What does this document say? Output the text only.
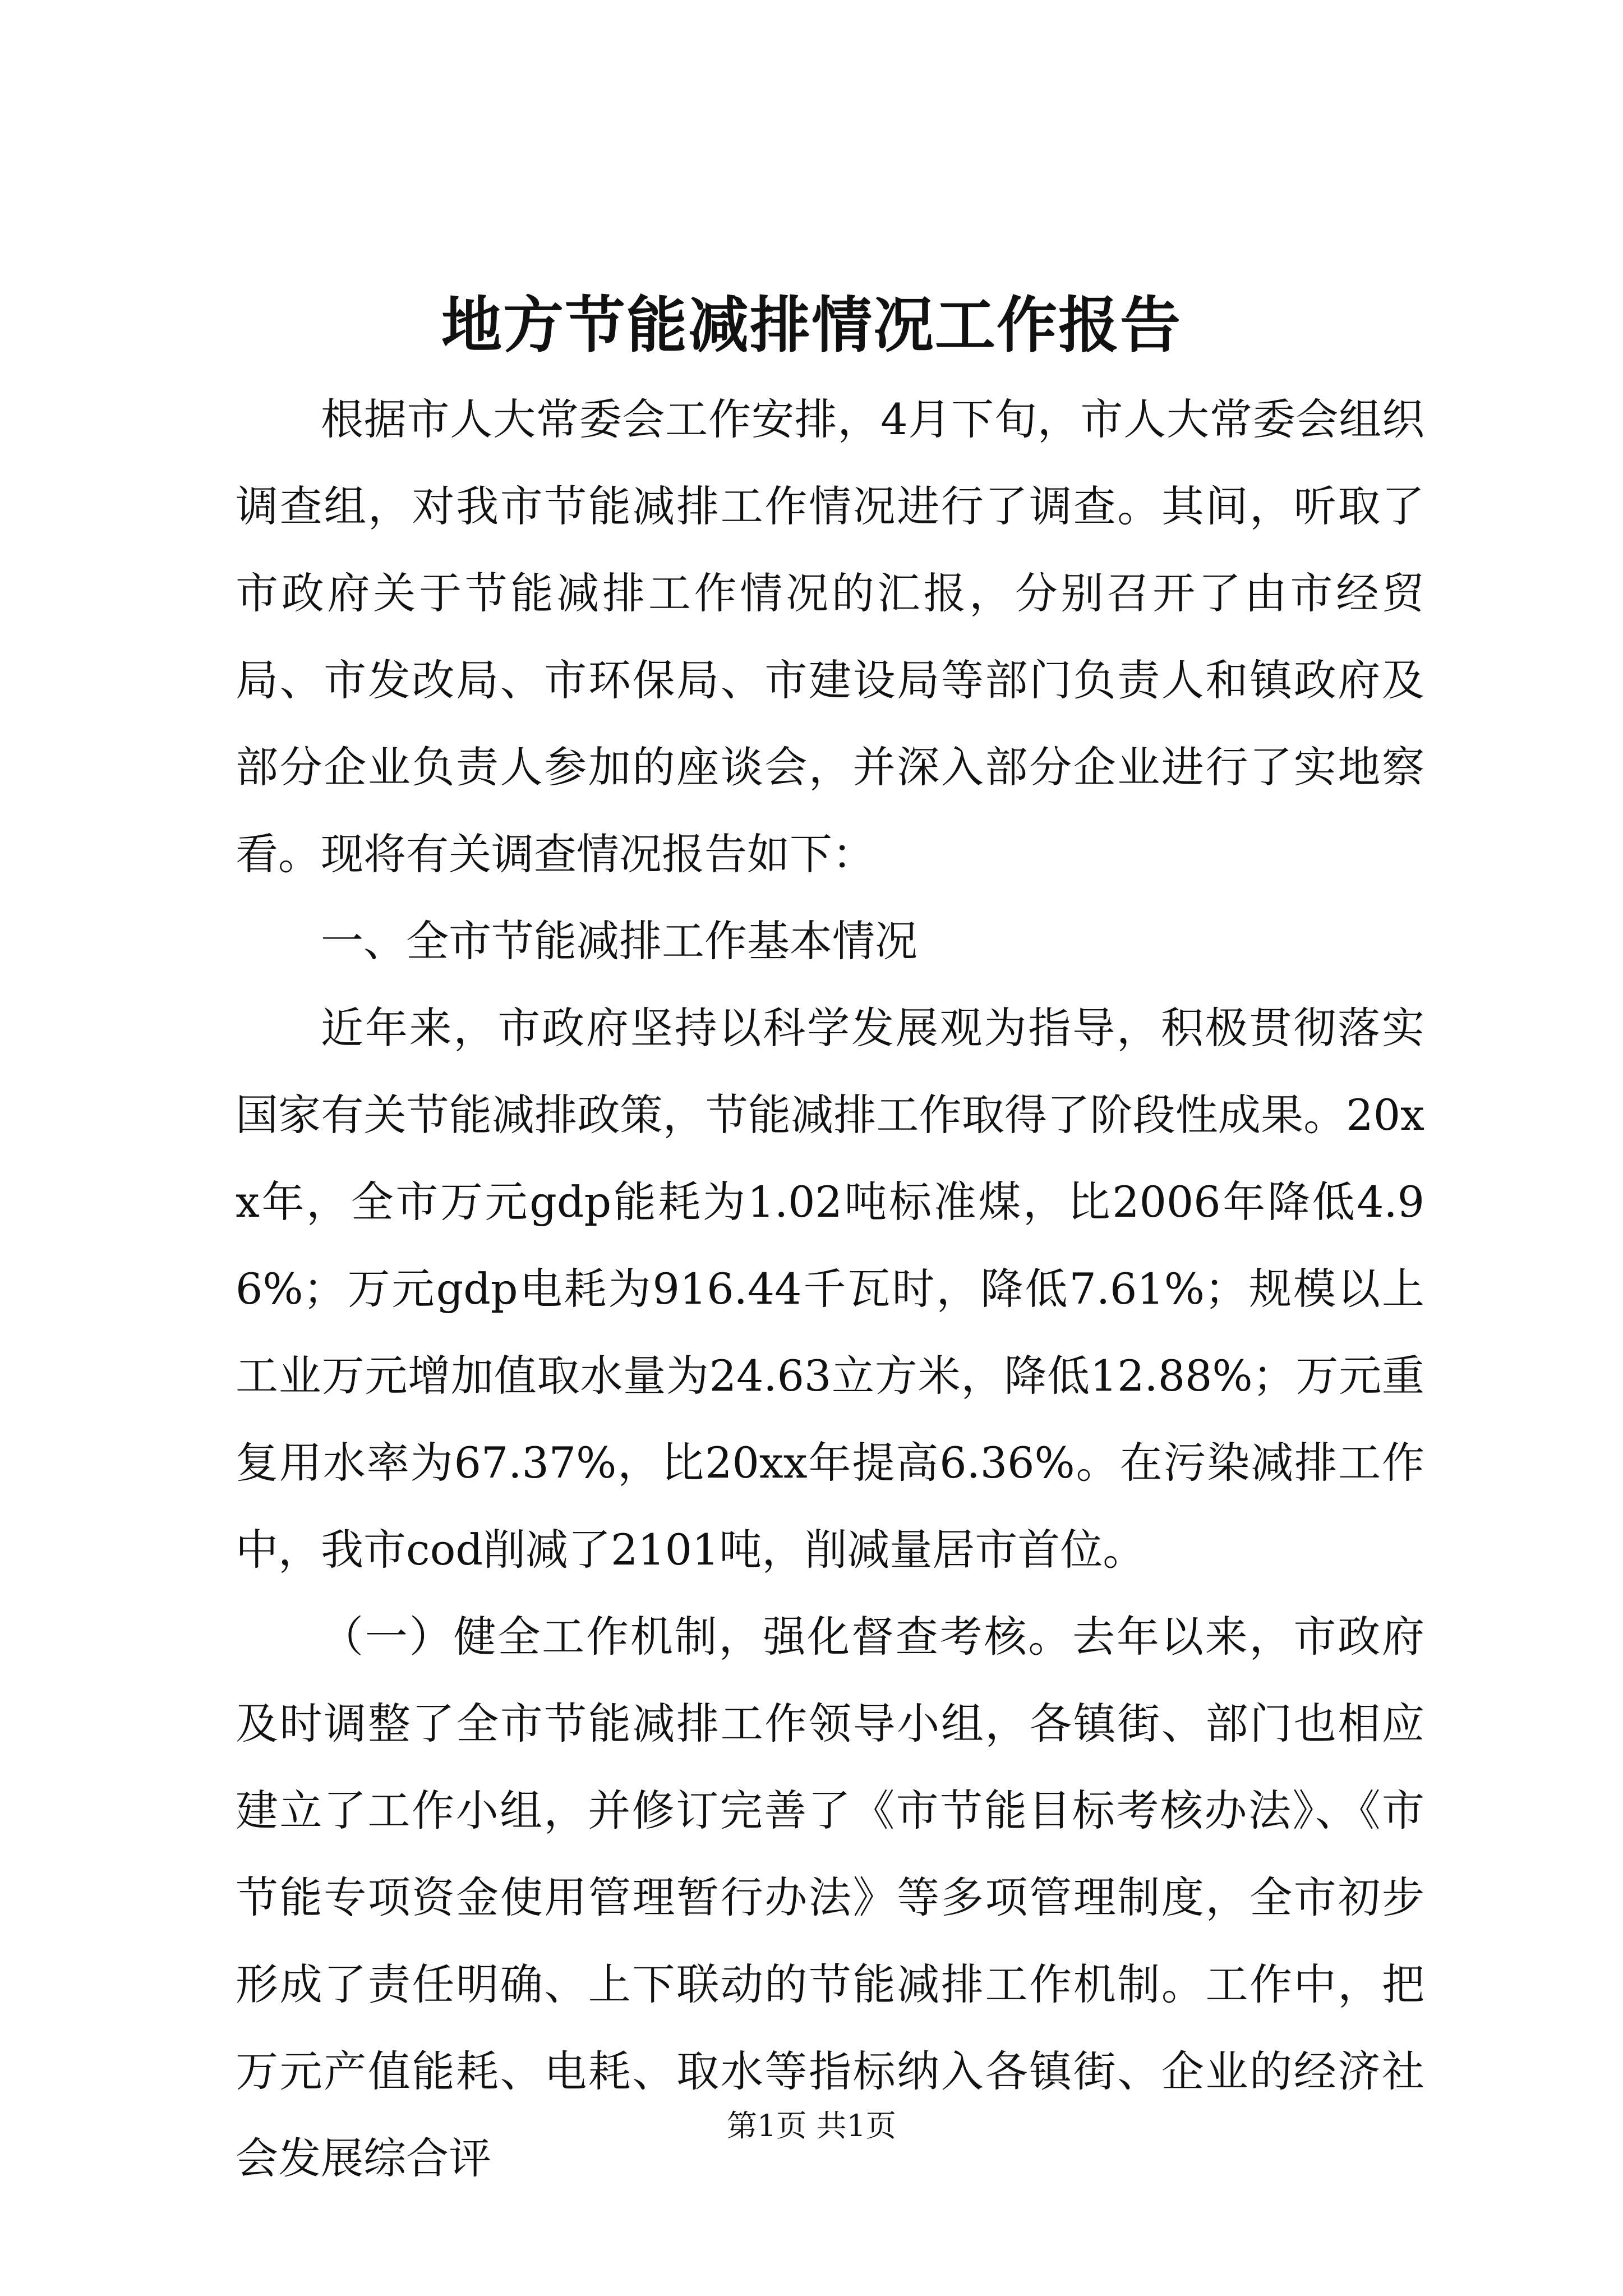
地方节能减排情况工作报告

根据市人大常委会工作安排，4月下旬，市人大常委会组织调查组，对我市节能减排工作情况进行了调查。其间，听取了市政府关于节能减排工作情况的汇报，分别召开了由市经贸局、市发改局、市环保局、市建设局等部门负责人和镇政府及部分企业负责人参加的座谈会，并深入部分企业进行了实地察看。现将有关调查情况报告如下：

一、全市节能减排工作基本情况

近年来，市政府坚持以科学发展观为指导，积极贯彻落实国家有关节能减排政策，节能减排工作取得了阶段性成果。20xx年，全市万元gdp能耗为1.02吨标准煤，比2006年降低4.96%；万元gdp电耗为916.44千瓦时，降低7.61%；规模以上工业万元增加值取水量为24.63立方米，降低12.88%；万元重复用水率为67.37%，比20xx年提高6.36%。在污染减排工作中，我市cod削减了2101吨，削减量居市首位。

（一）健全工作机制，强化督查考核。去年以来，市政府及时调整了全市节能减排工作领导小组，各镇街、部门也相应建立了工作小组，并修订完善了《市节能目标考核办法》、《市节能专项资金使用管理暂行办法》等多项管理制度，全市初步形成了责任明确、上下联动的节能减排工作机制。工作中，把万元产值能耗、电耗、取水等指标纳入各镇街、企业的经济社会发展综合评

第1页 共1页
